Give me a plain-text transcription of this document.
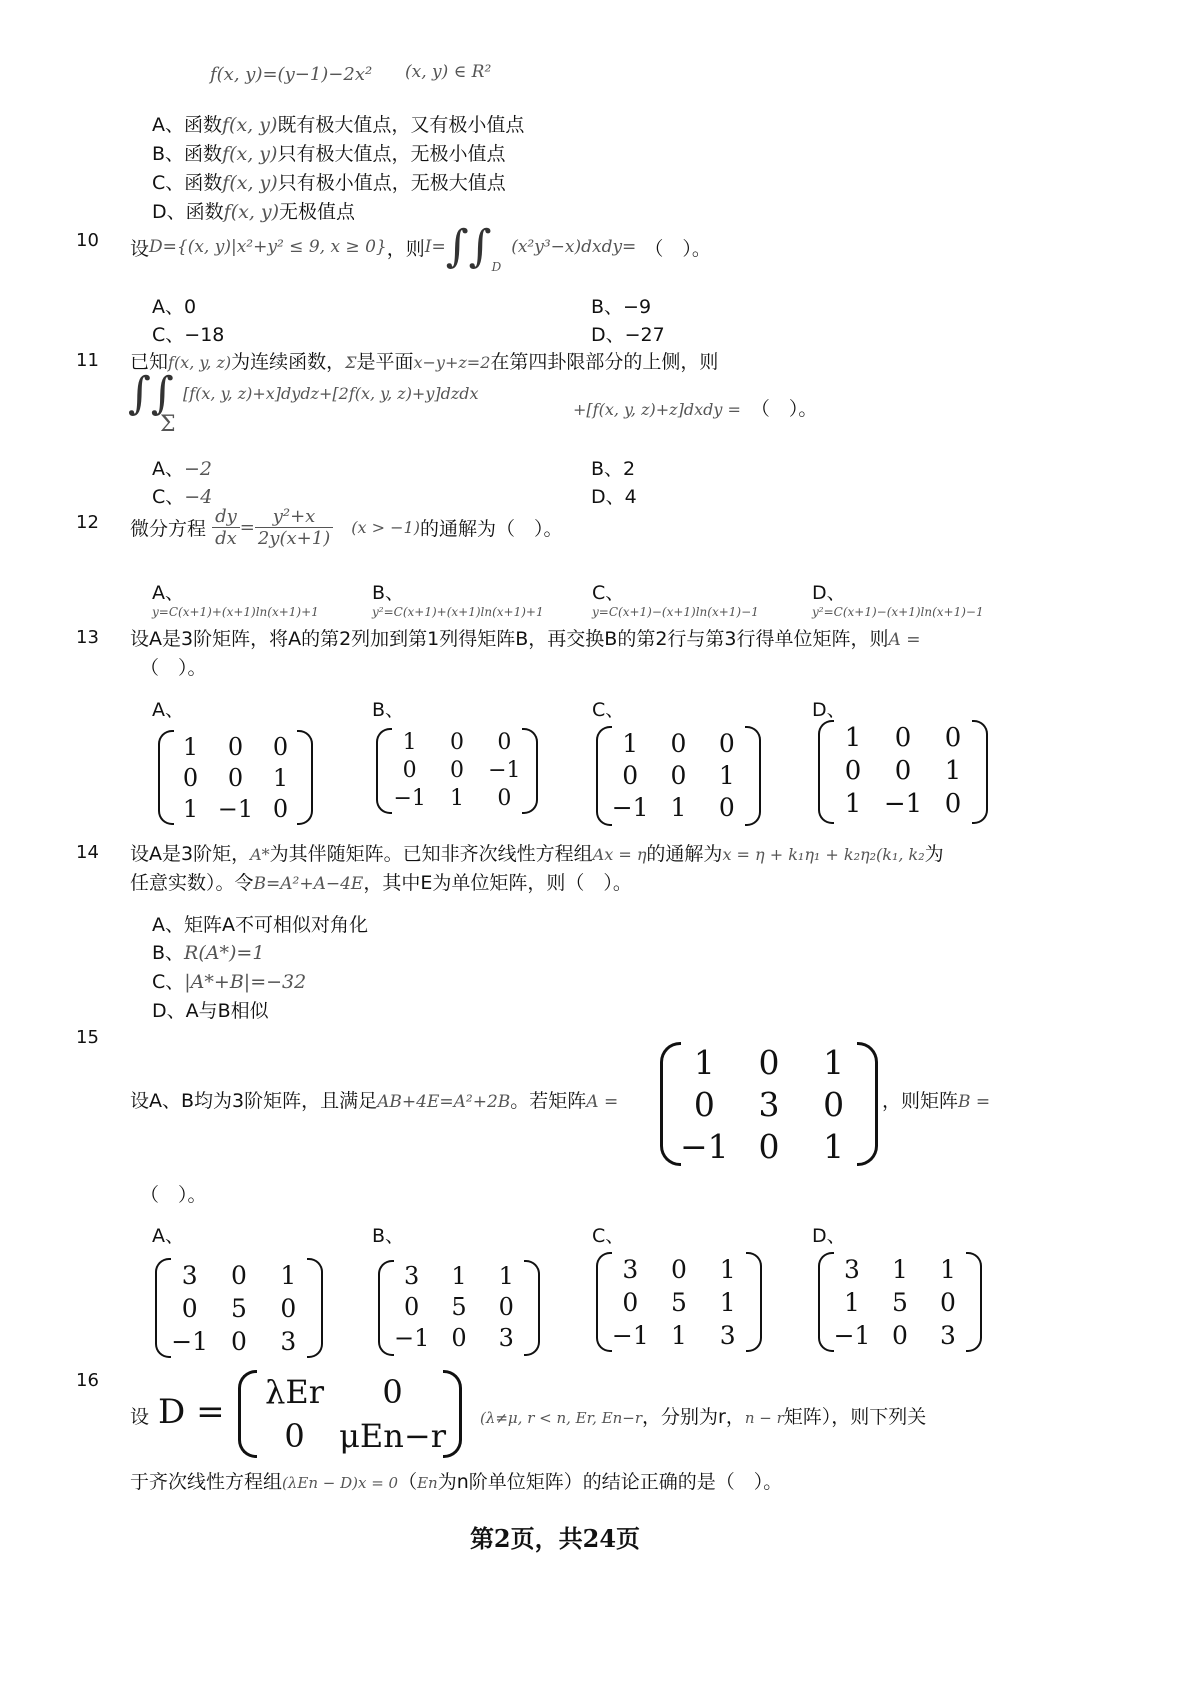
f(x, y)=(y−1)−2x² (x, y) ∈ R²
A、函数f(x, y)既有极大值点，又有极小值点
B、函数f(x, y)只有极大值点，无极小值点
C、函数f(x, y)只有极小值点，无极大值点
D、函数f(x, y)无极值点
10 设D={(x, y)|x²+y² ≤ 9, x ≥ 0}，则I=∫∫D(x²y³−x)dxdy= （　）。
A、0	B、−9
C、−18	D、−27
11 已知f(x, y, z)为连续函数，Σ是平面x−y+z=2在第四卦限部分的上侧，则
∫∫
Σ
[f(x, y, z)+x]dydz+[2f(x, y, z)+y]dzdx
+[f(x, y, z)+z]dxdy = （　）。
A、−2	B、2
C、−4	D、4
12 微分方程 $\frac{dy}{dx} = \frac{\text{y²+x}}{2y(x+1)} (x > -1)$的通解为（　）。
A、
y=C(x+1)+(x+1)ln(x+1)+1
B、
y²=C(x+1)+(x+1)ln(x+1)+1
C、
y=C(x+1)−(x+1)ln(x+1)−1
D、
y²=C(x+1)−(x+1)ln(x+1)−1
13 设A是3阶矩阵，将A的第2列加到第1列得矩阵B，再交换B的第2行与第3行得单位矩阵，则A =
（　）。
A、	B、	C、	D、
1	0	0
0	0	1
1 −1 0
1	0	0
0	0	−1
−1	1	0
1	0	0
0	0	1
−1 1	0
1	0	0
0	0	1
1 −1 0
14 设A是3阶矩，A*为其伴随矩阵。已知非齐次线性方程组Ax = η的通解为x = η + k₁η₁ + k₂η₂(k₁, k₂为
任意实数）。令B=A²+A−4E，其中E为单位矩阵，则（　）。
A、矩阵A不可相似对角化
B、R(A*)=1
C、|A*+B|=−32
D、A与B相似
15
设A、B均为3阶矩阵，且满足AB+4E=A²+2B。若矩阵A =
1	0	1
0	3	0
−1 0	1
，则矩阵B =
（　）。
A、	B、	C、	D、
3	0	1
0	5	0
−1 0	3
3	1	1
0	5	0
−1 0	3
3	0	1
0	5	1
−1 1	3
3	1	1
1	5	0
−1 0	3
16
设 D =	λEr	0
0	μEn−r (λ≠μ, r < n, Er, En−r，分别为r，n − r矩阵），则下列关
于齐次线性方程组(λEn − D)x = 0（En为n阶单位矩阵）的结论正确的是（　）。
第2页，共24页
